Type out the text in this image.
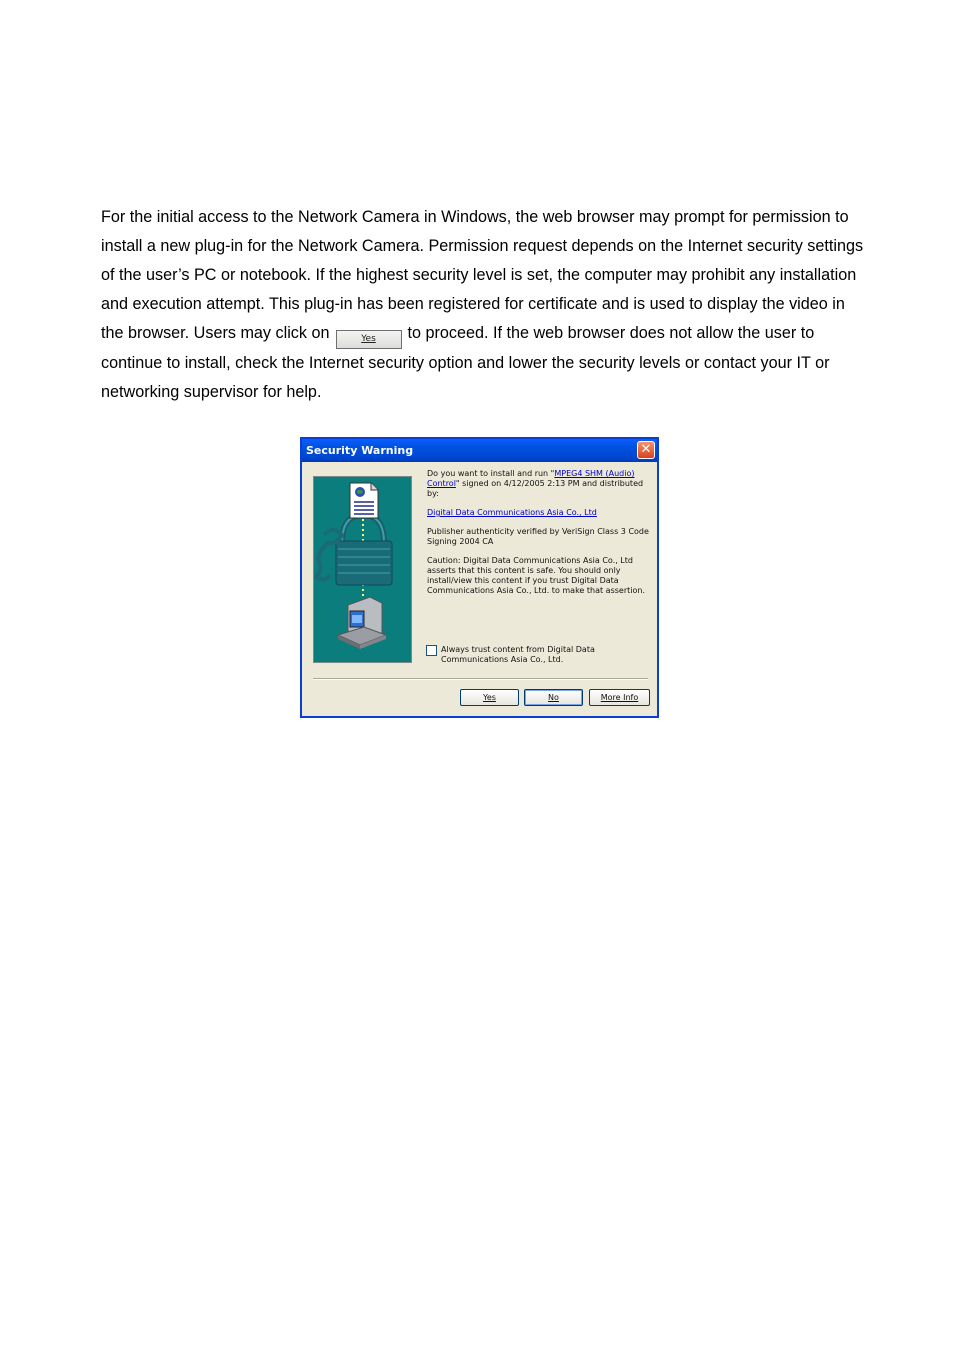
For the initial access to the Network Camera in Windows, the web browser may prompt for permission to install a new plug-in for the Network Camera. Permission request depends on the Internet security settings of the user’s PC or notebook. If the highest security level is set, the computer may prohibit any installation and execution attempt. This plug-in has been registered for certificate and is used to display the video in the browser. Users may click on	Yes to proceed. If the web browser does not allow the user to continue to install, check the Internet security option and lower the security levels or contact your IT or networking supervisor for help.

Security Warning	✕

Do you want to install and run "MPEG4 SHM (Audio) Control" signed on 4/12/2005 2:13 PM and distributed by:

Digital Data Communications Asia Co., Ltd

Publisher authenticity verified by VeriSign Class 3 Code Signing 2004 CA

Caution: Digital Data Communications Asia Co., Ltd asserts that this content is safe. You should only install/view this content if you trust Digital Data Communications Asia Co., Ltd. to make that assertion.

Always trust content from Digital Data Communications Asia Co., Ltd.
Yes	No	More Info
